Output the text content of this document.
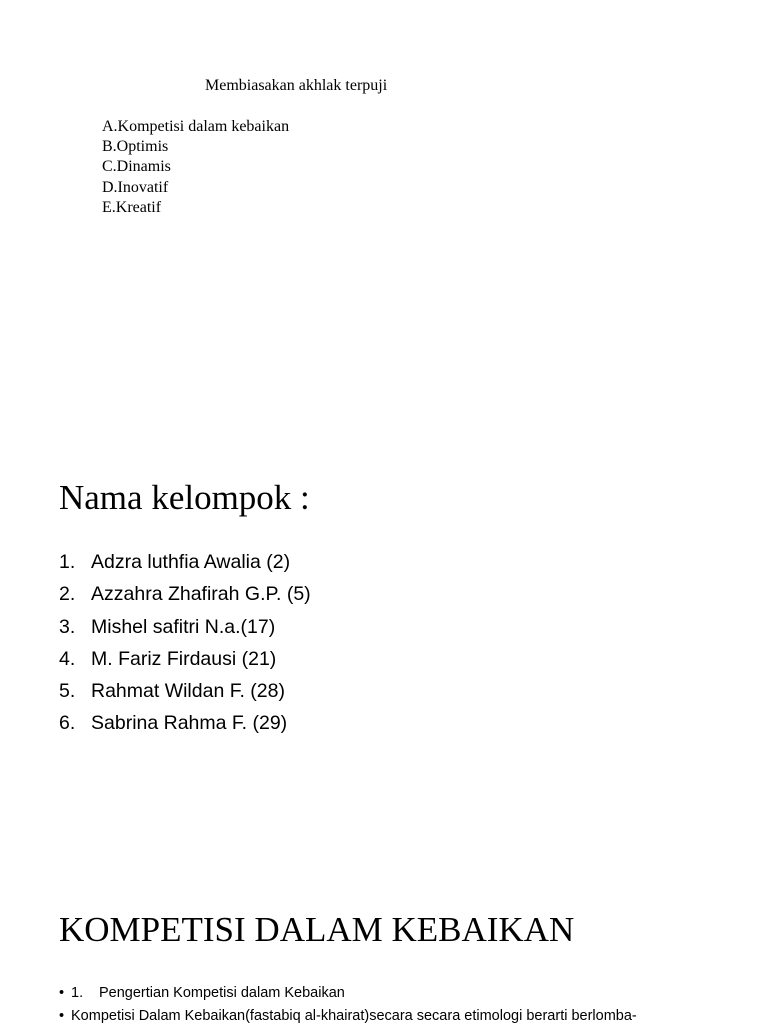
Membiasakan akhlak terpuji
A.Kompetisi dalam kebaikan
B.Optimis
C.Dinamis
D.Inovatif
E.Kreatif
Nama kelompok :
1. Adzra luthfia Awalia (2)
2. Azzahra Zhafirah G.P. (5)
3. Mishel safitri N.a.(17)
4. M. Fariz Firdausi (21)
5. Rahmat Wildan F. (28)
6. Sabrina Rahma F. (29)
KOMPETISI DALAM KEBAIKAN
• 1.	Pengertian Kompetisi dalam Kebaikan
• Kompetisi Dalam Kebaikan(fastabiq al-khairat)secara secara etimologi berarti berlomba-
